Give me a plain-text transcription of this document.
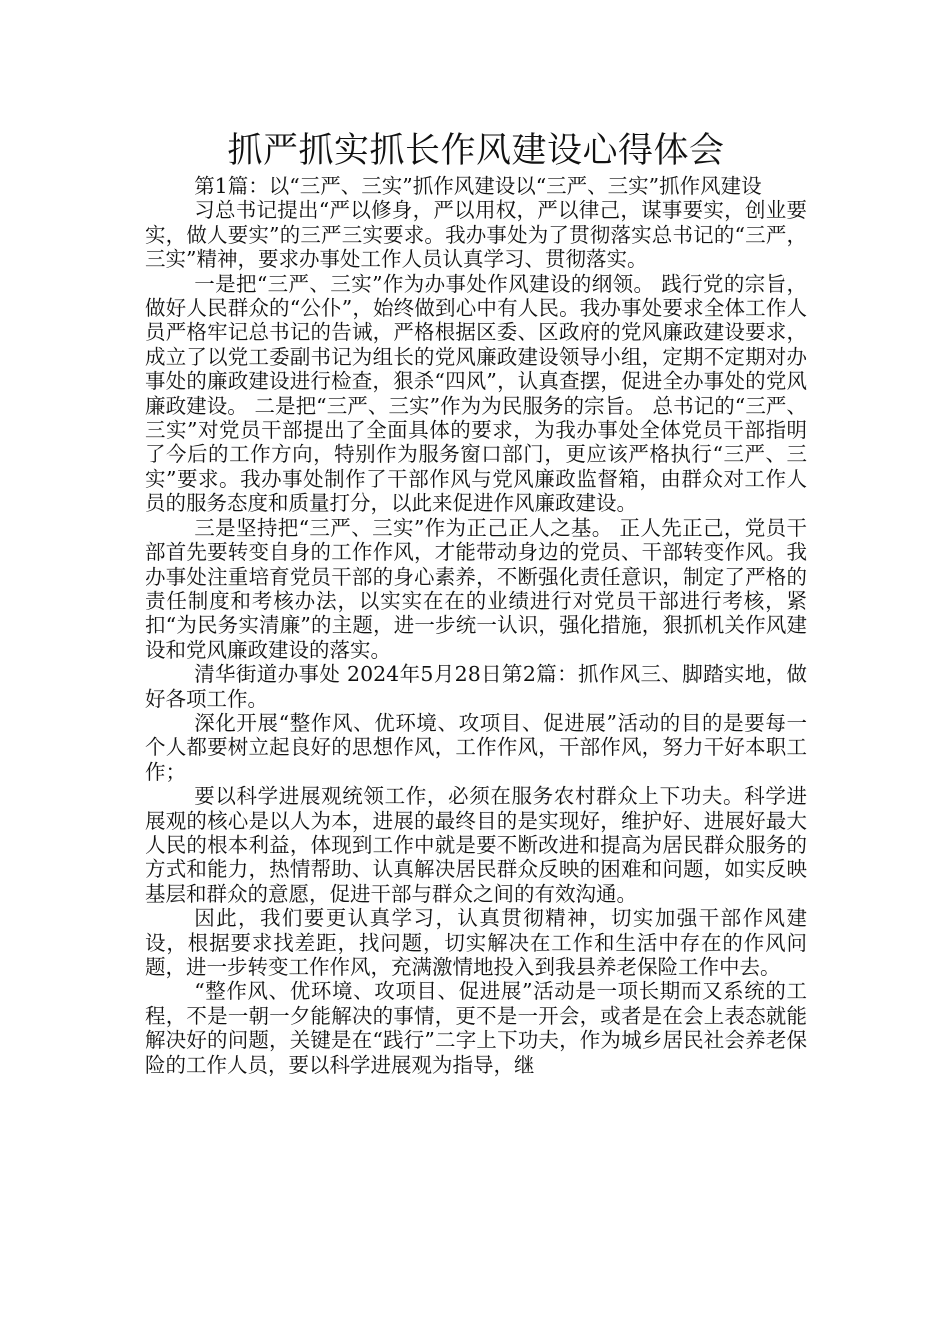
抓严抓实抓长作风建设心得体会

第1篇：以“三严、三实”抓作风建设以“三严、三实”抓作风建设

习总书记提出“严以修身，严以用权，严以律己，谋事要实，创业要实，做人要实”的三严三实要求。我办事处为了贯彻落实总书记的“三严，三实”精神，要求办事处工作人员认真学习、贯彻落实。

一是把“三严、三实”作为办事处作风建设的纲领。 践行党的宗旨，做好人民群众的“公仆”，始终做到心中有人民。我办事处要求全体工作人员严格牢记总书记的告诫，严格根据区委、区政府的党风廉政建设要求，成立了以党工委副书记为组长的党风廉政建设领导小组，定期不定期对办事处的廉政建设进行检查，狠杀“四风”，认真查摆，促进全办事处的党风廉政建设。 二是把“三严、三实”作为为民服务的宗旨。 总书记的“三严、三实”对党员干部提出了全面具体的要求，为我办事处全体党员干部指明了今后的工作方向，特别作为服务窗口部门，更应该严格执行“三严、三实”要求。我办事处制作了干部作风与党风廉政监督箱，由群众对工作人员的服务态度和质量打分，以此来促进作风廉政建设。

三是坚持把“三严、三实”作为正己正人之基。 正人先正己，党员干部首先要转变自身的工作作风，才能带动身边的党员、干部转变作风。我办事处注重培育党员干部的身心素养，不断强化责任意识，制定了严格的责任制度和考核办法，以实实在在的业绩进行对党员干部进行考核，紧扣“为民务实清廉”的主题，进一步统一认识，强化措施，狠抓机关作风建设和党风廉政建设的落实。

清华街道办事处 2024年5月28日第2篇：抓作风三、脚踏实地，做好各项工作。

深化开展“整作风、优环境、攻项目、促进展”活动的目的是要每一个人都要树立起良好的思想作风，工作作风，干部作风，努力干好本职工作；

要以科学进展观统领工作，必须在服务农村群众上下功夫。科学进展观的核心是以人为本，进展的最终目的是实现好，维护好、进展好最大人民的根本利益，体现到工作中就是要不断改进和提高为居民群众服务的方式和能力，热情帮助、认真解决居民群众反映的困难和问题，如实反映基层和群众的意愿，促进干部与群众之间的有效沟通。

因此，我们要更认真学习，认真贯彻精神，切实加强干部作风建设，根据要求找差距，找问题，切实解决在工作和生活中存在的作风问题，进一步转变工作作风，充满激情地投入到我县养老保险工作中去。

“整作风、优环境、攻项目、促进展”活动是一项长期而又系统的工程，不是一朝一夕能解决的事情，更不是一开会，或者是在会上表态就能解决好的问题，关键是在“践行”二字上下功夫，作为城乡居民社会养老保险的工作人员，要以科学进展观为指导，继
